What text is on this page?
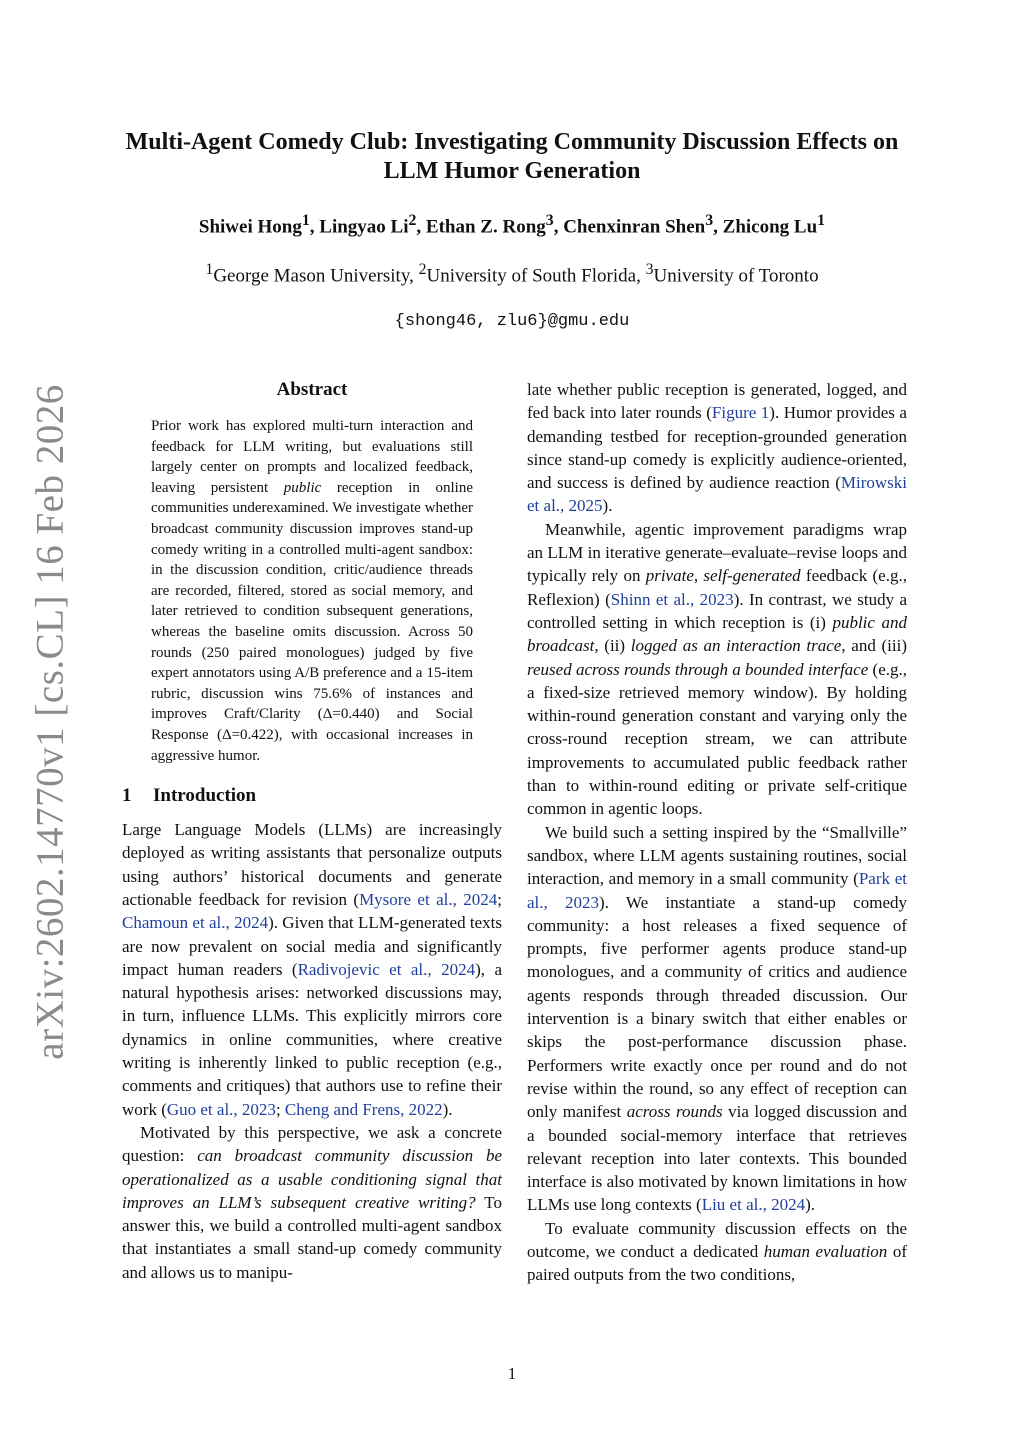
arXiv:2602.14770v1 [cs.CL] 16 Feb 2026
Multi-Agent Comedy Club: Investigating Community Discussion Effects on
LLM Humor Generation
Shiwei Hong$^1$, Lingyao Li$^2$, Ethan Z. Rong$^3$, Chenxinran Shen$^3$, Zhicong Lu$^1$
$^1$George Mason University, $^2$University of South Florida, $^3$University of Toronto
{shong46, zlu6}@gmu.edu
Abstract
Prior work has explored multi-turn interaction and feedback for LLM writing, but evaluations still largely center on prompts and localized feedback, leaving persistent public reception in online communities underexamined. We investigate whether broadcast community discussion improves stand-up comedy writing in a controlled multi-agent sandbox: in the discussion condition, critic/audience threads are recorded, filtered, stored as social memory, and later retrieved to condition subsequent generations, whereas the baseline omits discussion. Across 50 rounds (250 paired monologues) judged by five expert annotators using A/B preference and a 15-item rubric, discussion wins 75.6% of instances and improves Craft/Clarity (Δ=0.440) and Social Response (Δ=0.422), with occasional increases in aggressive humor.
1 Introduction

Large Language Models (LLMs) are increasingly deployed as writing assistants that personalize outputs using authors’ historical documents and generate actionable feedback for revision (Mysore et al., 2024; Chamoun et al., 2024). Given that LLM-generated texts are now prevalent on social media and significantly impact human readers (Radivojevic et al., 2024), a natural hypothesis arises: networked discussions may, in turn, influence LLMs. This explicitly mirrors core dynamics in online communities, where creative writing is inherently linked to public reception (e.g., comments and critiques) that authors use to refine their work (Guo et al., 2023; Cheng and Frens, 2022).

Motivated by this perspective, we ask a concrete question: can broadcast community discussion be operationalized as a usable conditioning signal that improves an LLM’s subsequent creative writing? To answer this, we build a controlled multi-agent sandbox that instantiates a small stand-up comedy community and allows us to manipu-

late whether public reception is generated, logged, and fed back into later rounds (Figure 1). Humor provides a demanding testbed for reception-grounded generation since stand-up comedy is explicitly audience-oriented, and success is defined by audience reaction (Mirowski et al., 2025).

Meanwhile, agentic improvement paradigms wrap an LLM in iterative generate–evaluate–revise loops and typically rely on private, self-generated feedback (e.g., Reflexion) (Shinn et al., 2023). In contrast, we study a controlled setting in which reception is (i) public and broadcast, (ii) logged as an interaction trace, and (iii) reused across rounds through a bounded interface (e.g., a fixed-size retrieved memory window). By holding within-round generation constant and varying only the cross-round reception stream, we can attribute improvements to accumulated public feedback rather than to within-round editing or private self-critique common in agentic loops.

We build such a setting inspired by the “Smallville” sandbox, where LLM agents sustaining routines, social interaction, and memory in a small community (Park et al., 2023). We instantiate a stand-up comedy community: a host releases a fixed sequence of prompts, five performer agents produce stand-up monologues, and a community of critics and audience agents responds through threaded discussion. Our intervention is a binary switch that either enables or skips the post-performance discussion phase. Performers write exactly once per round and do not revise within the round, so any effect of reception can only manifest across rounds via logged discussion and a bounded social-memory interface that retrieves relevant reception into later contexts. This bounded interface is also motivated by known limitations in how LLMs use long contexts (Liu et al., 2024).

To evaluate community discussion effects on the outcome, we conduct a dedicated human evaluation of paired outputs from the two conditions,

1
